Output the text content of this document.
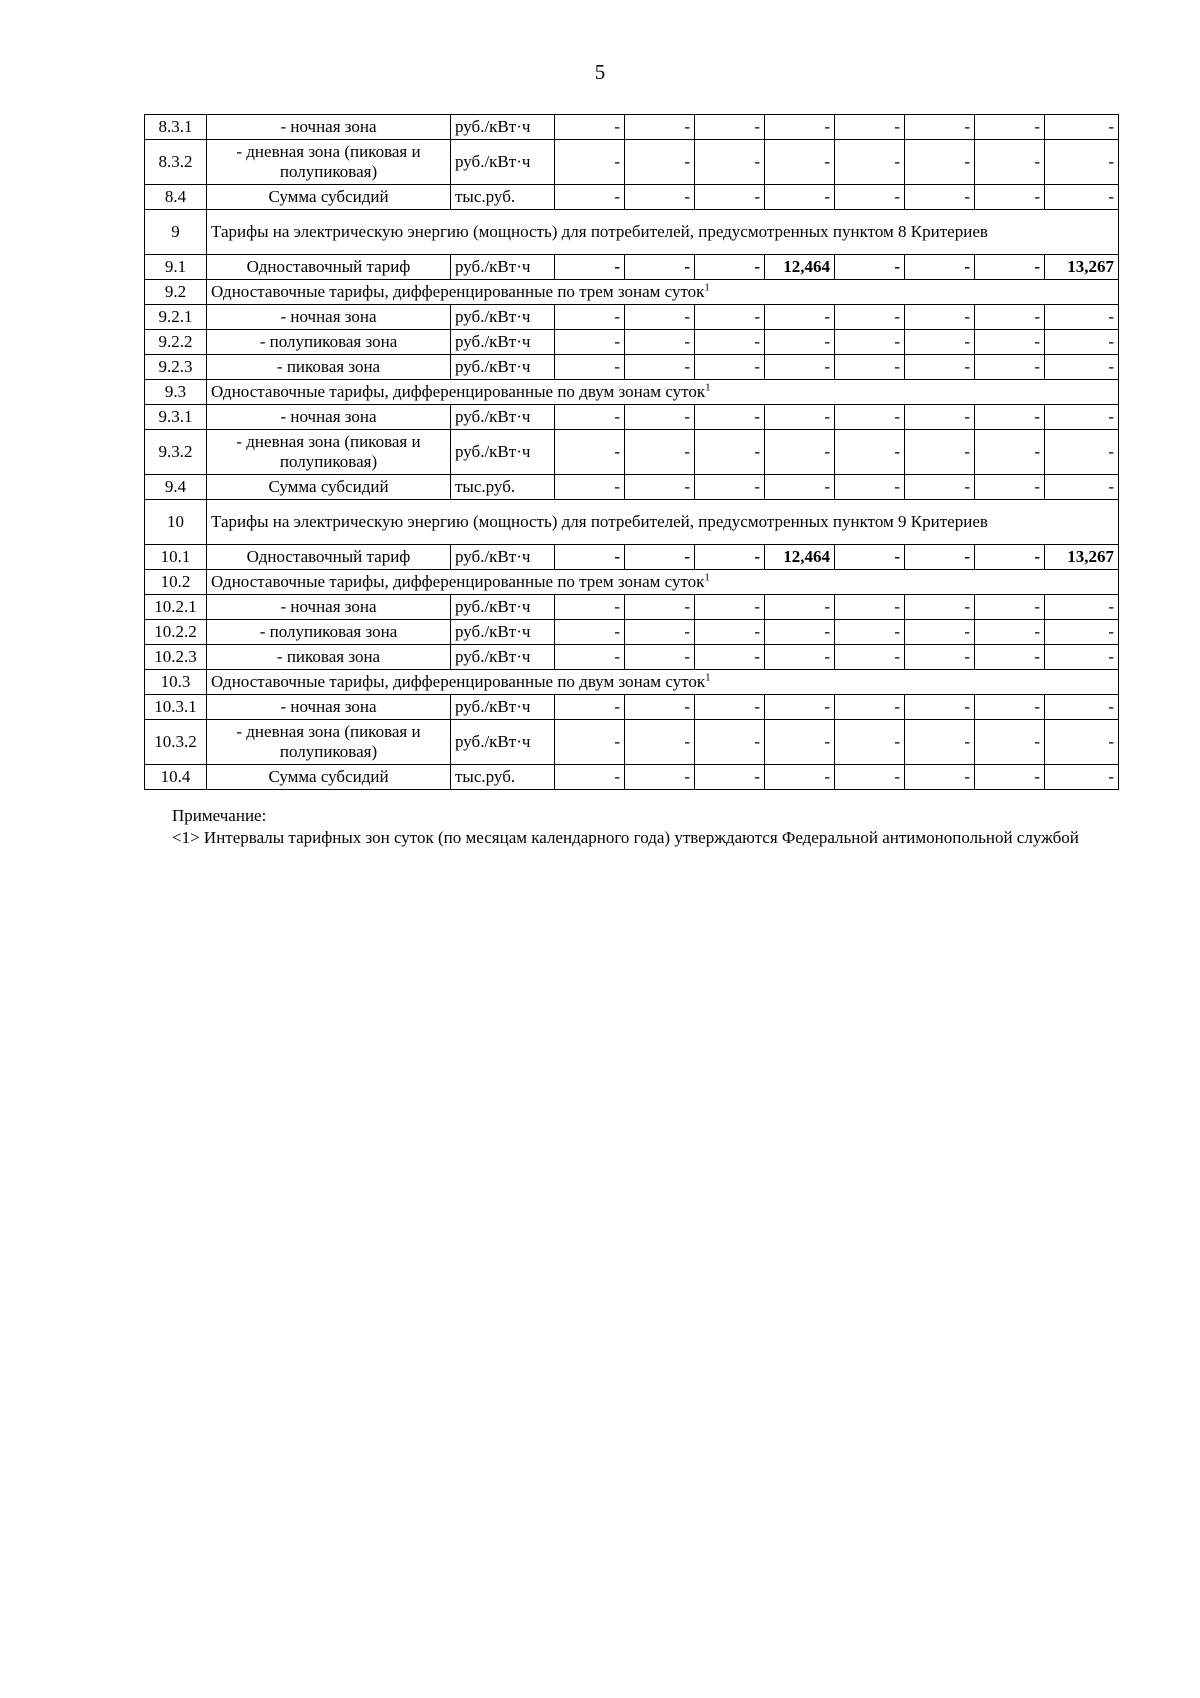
5
8.3.1	- ночная зона	руб./кВт·ч	-	-	-	-	-	-	-	-
8.3.2	- дневная зона (пиковая и полупиковая)	руб./кВт·ч	-	-	-	-	-	-	-	-
8.4	Сумма субсидий	тыс.руб.	-	-	-	-	-	-	-	-
9	Тарифы на электрическую энергию (мощность) для потребителей, предусмотренных пунктом 8 Критериев									
9.1	Одноставочный тариф	руб./кВт·ч	-	-	-	12,464	-	-	-	13,267
9.2	Одноставочные тарифы, дифференцированные по трем зонам суток$^1$
9.2.1	- ночная зона	руб./кВт·ч	-	-	-	-	-	-	-	-
9.2.2	- полупиковая зона	руб./кВт·ч	-	-	-	-	-	-	-	-
9.2.3	- пиковая зона	руб./кВт·ч	-	-	-	-	-	-	-	-
9.3	Одноставочные тарифы, дифференцированные по двум зонам суток$^1$
9.3.1	- ночная зона	руб./кВт·ч	-	-	-	-	-	-	-	-
9.3.2	- дневная зона (пиковая и полупиковая)	руб./кВт·ч	-	-	-	-	-	-	-	-
9.4	Сумма субсидий	тыс.руб.	-	-	-	-	-	-	-	-
10	Тарифы на электрическую энергию (мощность) для потребителей, предусмотренных пунктом 9 Критериев									
10.1	Одноставочный тариф	руб./кВт·ч	-	-	-	12,464	-	-	-	13,267
10.2	Одноставочные тарифы, дифференцированные по трем зонам суток$^1$
10.2.1	- ночная зона	руб./кВт·ч	-	-	-	-	-	-	-	-
10.2.2	- полупиковая зона	руб./кВт·ч	-	-	-	-	-	-	-	-
10.2.3	- пиковая зона	руб./кВт·ч	-	-	-	-	-	-	-	-
10.3	Одноставочные тарифы, дифференцированные по двум зонам суток$^1$
10.3.1	- ночная зона	руб./кВт·ч	-	-	-	-	-	-	-	-
10.3.2	- дневная зона (пиковая и полупиковая)	руб./кВт·ч	-	-	-	-	-	-	-	-
10.4	Сумма субсидий	тыс.руб.	-	-	-	-	-	-	-	-
Примечание:
<1> Интервалы тарифных зон суток (по месяцам календарного года) утверждаются Федеральной антимонопольной службой
